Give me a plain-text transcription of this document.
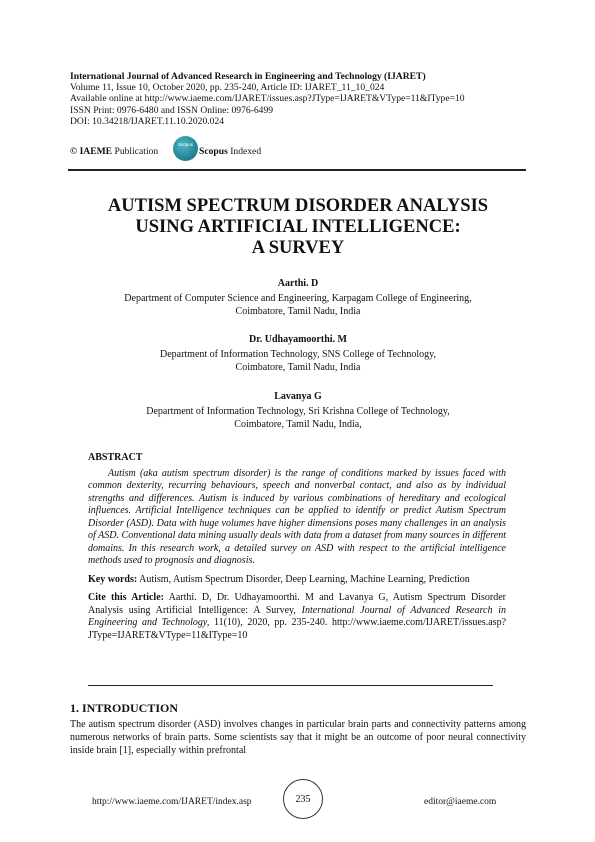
International Journal of Advanced Research in Engineering and Technology (IJARET)
Volume 11, Issue 10, October 2020, pp. 235-240, Article ID: IJARET_11_10_024
Available online at http://www.iaeme.com/IJARET/issues.asp?JType=IJARET&VType=11&IType=10
ISSN Print: 0976-6480 and ISSN Online: 0976-6499
DOI: 10.34218/IJARET.11.10.2020.024
© IAEME Publication	Scopus Indexed
Scopus
AUTISM SPECTRUM DISORDER ANALYSIS
USING ARTIFICIAL INTELLIGENCE:
A SURVEY
Aarthi. D
Department of Computer Science and Engineering, Karpagam College of Engineering,
Coimbatore, Tamil Nadu, India
Dr. Udhayamoorthi. M
Department of Information Technology, SNS College of Technology,
Coimbatore, Tamil Nadu, India
Lavanya G
Department of Information Technology, Sri Krishna College of Technology,
Coimbatore, Tamil Nadu, India,
ABSTRACT

Autism (aka autism spectrum disorder) is the range of conditions marked by issues faced with common dexterity, recurring behaviours, speech and nonverbal contact, and also as by individual strengths and differences. Autism is induced by various combinations of hereditary and ecological influences. Artificial Intelligence techniques can be applied to identify or predict Autism Spectrum Disorder (ASD). Data with huge volumes have higher dimensions poses many challenges in an analysis of ASD. Conventional data mining usually deals with data from a dataset from many sources in different domains. In this research work, a detailed survey on ASD with respect to the artificial intelligence methods used to prognosis and diagnosis.

Key words: Autism, Autism Spectrum Disorder, Deep Learning, Machine Learning, Prediction
Cite this Article: Aarthi. D, Dr. Udhayamoorthi. M and Lavanya G, Autism Spectrum Disorder Analysis using Artificial Intelligence: A Survey, International Journal of Advanced Research in Engineering and Technology, 11(10), 2020, pp. 235-240. http://www.iaeme.com/IJARET/issues.asp?JType=IJARET&VType=11&IType=10
1. INTRODUCTION

The autism spectrum disorder (ASD) involves changes in particular brain parts and connectivity patterns among numerous networks of brain parts. Some scientists say that it might be an outcome of poor neural connectivity inside brain [1], especially within prefrontal

http://www.iaeme.com/IJARET/index.asp	235	editor@iaeme.com
